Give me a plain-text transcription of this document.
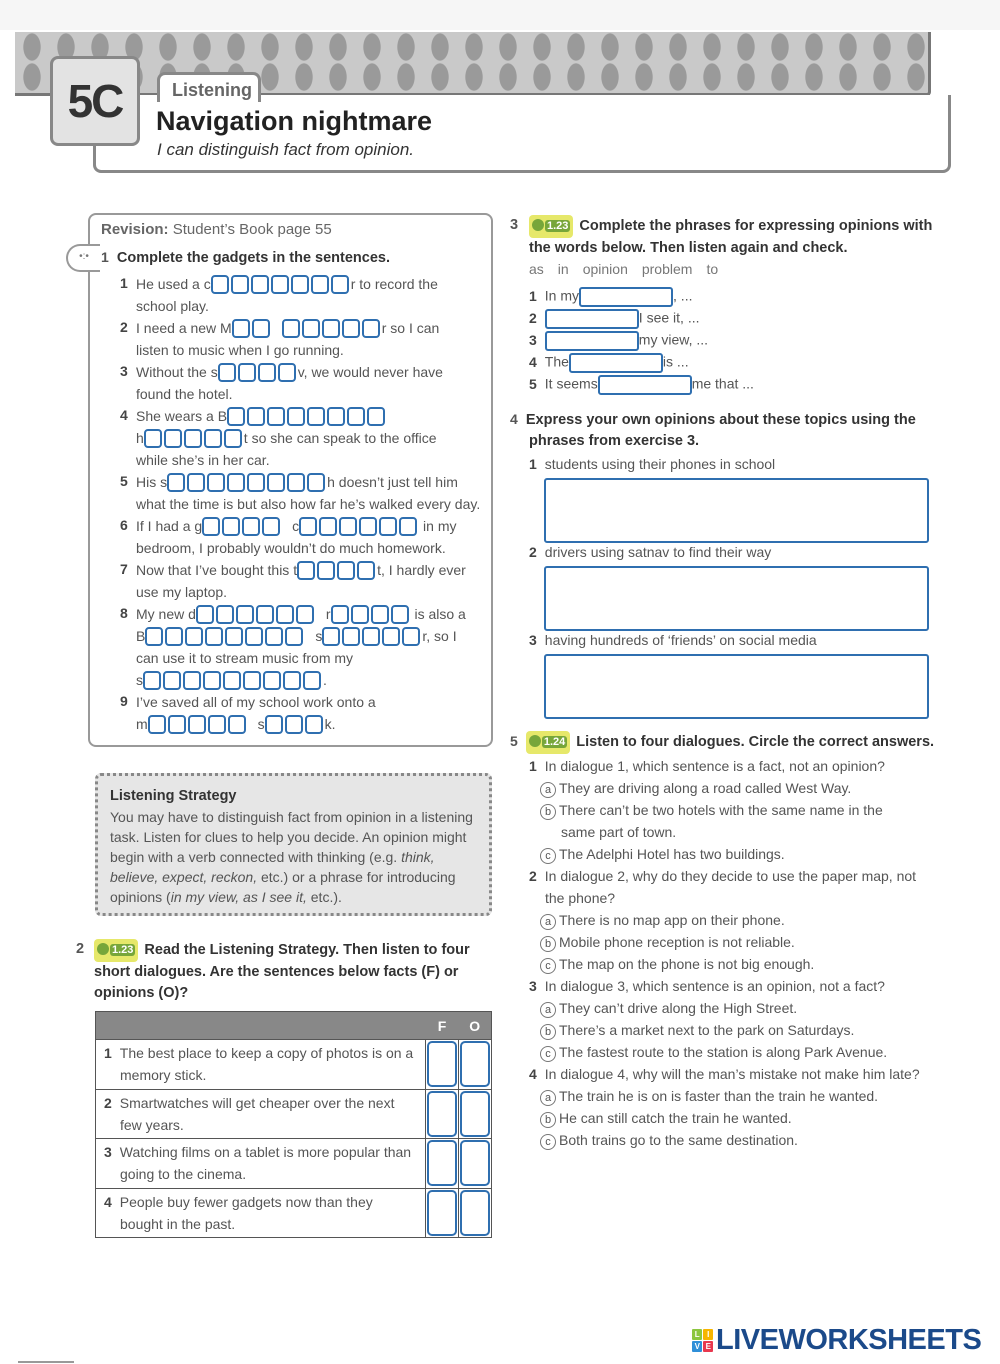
5C	Listening
Navigation nightmare
I can distinguish fact from opinion.
Revision: Student’s Book page 55
•:• 1 Complete the gadgets in the sentences.
1 He used a c	r to record the
school play.
2 I need a new M	r so I can
listen to music when I go running.
3 Without the s	v, we would never have
found the hotel.
4 She wears a B
h	t so she can speak to the office
while she’s in her car.
5 His s	h doesn’t just tell him
what the time is but also how far he’s walked every day.
6 If I had a g	c	in my
bedroom, I probably wouldn’t do much homework.
7 Now that I’ve bought this t	t, I hardly ever
use my laptop.
8 My new d	r	is also a
B	s	r, so I
can use it to stream music from my
s	.
9 I’ve saved all of my school work onto a
m	s	k.
Listening Strategy

You may have to distinguish fact from opinion in a listening task. Listen for clues to help you decide. An opinion might begin with a verb connected with thinking (e.g. think, believe, expect, reckon, etc.) or a phrase for introducing opinions (in my view, as I see it, etc.).

2	1.23 Read the Listening Strategy. Then listen to four short dialogues. Are the sentences below facts (F) or opinions (O)?
	F	O

1 The best place to keep a copy of photos is on a memory stick.		

2 Smartwatches will get cheaper over the next few years.		

3 Watching films on a tablet is more popular than going to the cinema.		

4 People buy fewer gadgets now than they bought in the past.		

3	1.23 Complete the phrases for expressing opinions with the words below. Then listen again and check.
as in opinion problem to
1 In my	, ...
2	I see it, ...
3	my view, ...
4 The	is ...
5 It seems	me that ...
4 Express your own opinions about these topics using the phrases from exercise 3.
1 students using their phones in school
2 drivers using satnav to find their way
3 having hundreds of ‘friends’ on social media
5 1.24 Listen to four dialogues. Circle the correct answers.
1 In dialogue 1, which sentence is a fact, not an opinion?
a They are driving along a road called West Way.
b There can’t be two hotels with the same name in the
same part of town.
c The Adelphi Hotel has two buildings.
2 In dialogue 2, why do they decide to use the paper map, not
the phone?
a There is no map app on their phone.
b Mobile phone reception is not reliable.
c The map on the phone is not big enough.
3 In dialogue 3, which sentence is an opinion, not a fact?
a They can’t drive along the High Street.
b There’s a market next to the park on Saturdays.
c The fastest route to the station is along Park Avenue.
4 In dialogue 4, why will the man’s mistake not make him late?
a The train he is on is faster than the train he wanted.
b He can still catch the train he wanted.
c Both trains go to the same destination.
L I
V E LIVEWORKSHEETS
